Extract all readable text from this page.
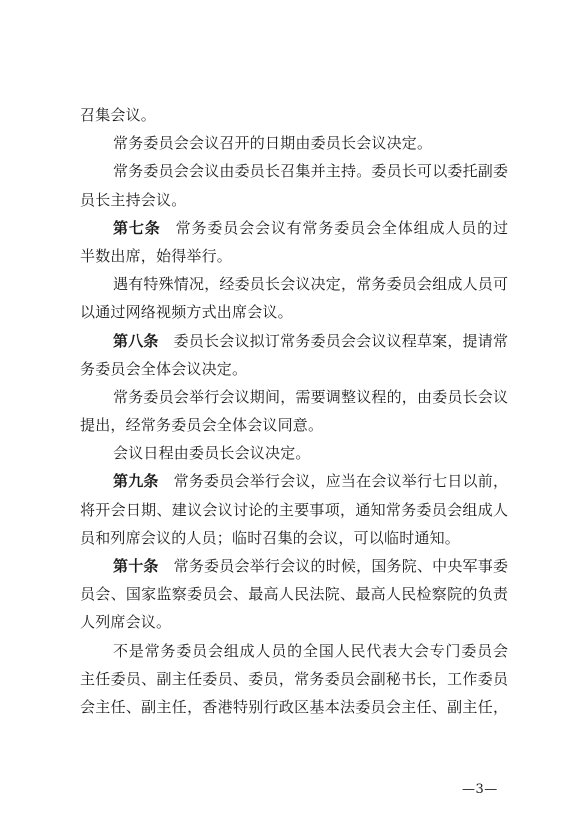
召集会议。
常务委员会会议召开的日期由委员长会议决定。
常务委员会会议由委员长召集并主持。委员长可以委托副委
员长主持会议。
第七条 常务委员会会议有常务委员会全体组成人员的过
半数出席，始得举行。
遇有特殊情况，经委员长会议决定，常务委员会组成人员可
以通过网络视频方式出席会议。
第八条 委员长会议拟订常务委员会会议议程草案，提请常
务委员会全体会议决定。
常务委员会举行会议期间，需要调整议程的，由委员长会议
提出，经常务委员会全体会议同意。
会议日程由委员长会议决定。
第九条 常务委员会举行会议，应当在会议举行七日以前，
将开会日期、建议会议讨论的主要事项，通知常务委员会组成人
员和列席会议的人员；临时召集的会议，可以临时通知。
第十条 常务委员会举行会议的时候，国务院、中央军事委
员会、国家监察委员会、最高人民法院、最高人民检察院的负责
人列席会议。
不是常务委员会组成人员的全国人民代表大会专门委员会
主任委员、副主任委员、委员，常务委员会副秘书长，工作委员
会主任、副主任，香港特别行政区基本法委员会主任、副主任，
—3—
